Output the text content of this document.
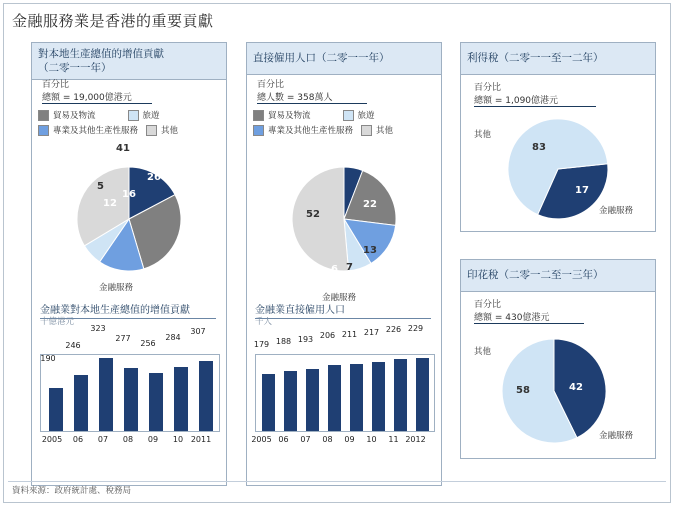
金融服務業是香港的重要貢獻
對本地生產總值的增值貢獻
（二零一一年）
百分比
總額 = 19,000億港元
貿易及物流	旅遊
專業及其他生產性服務	其他
16
26
12
5
41
金融服務
金融業對本地生產總值的增值貢獻
十億港元
190
246
323
277
256
284
307
2005	06	07	08	09	10 2011
直接僱用人口（二零一一年）
百分比
總人數 = 358萬人
貿易及物流	旅遊
專業及其他生產性服務	其他
6
22
13
7
52
金融服務
金融業直接僱用人口
千人
179 188 193 206 211 217 226 229
2005 06	07	08	09	10	11 2012
利得稅（二零一一至一二年）
百分比
總額 = 1,090億港元
17
83
其他
金融服務
印花稅（二零一二至一三年）
百分比
總額 = 430億港元
42
58
其他
金融服務
資料來源：政府統計處、稅務局
